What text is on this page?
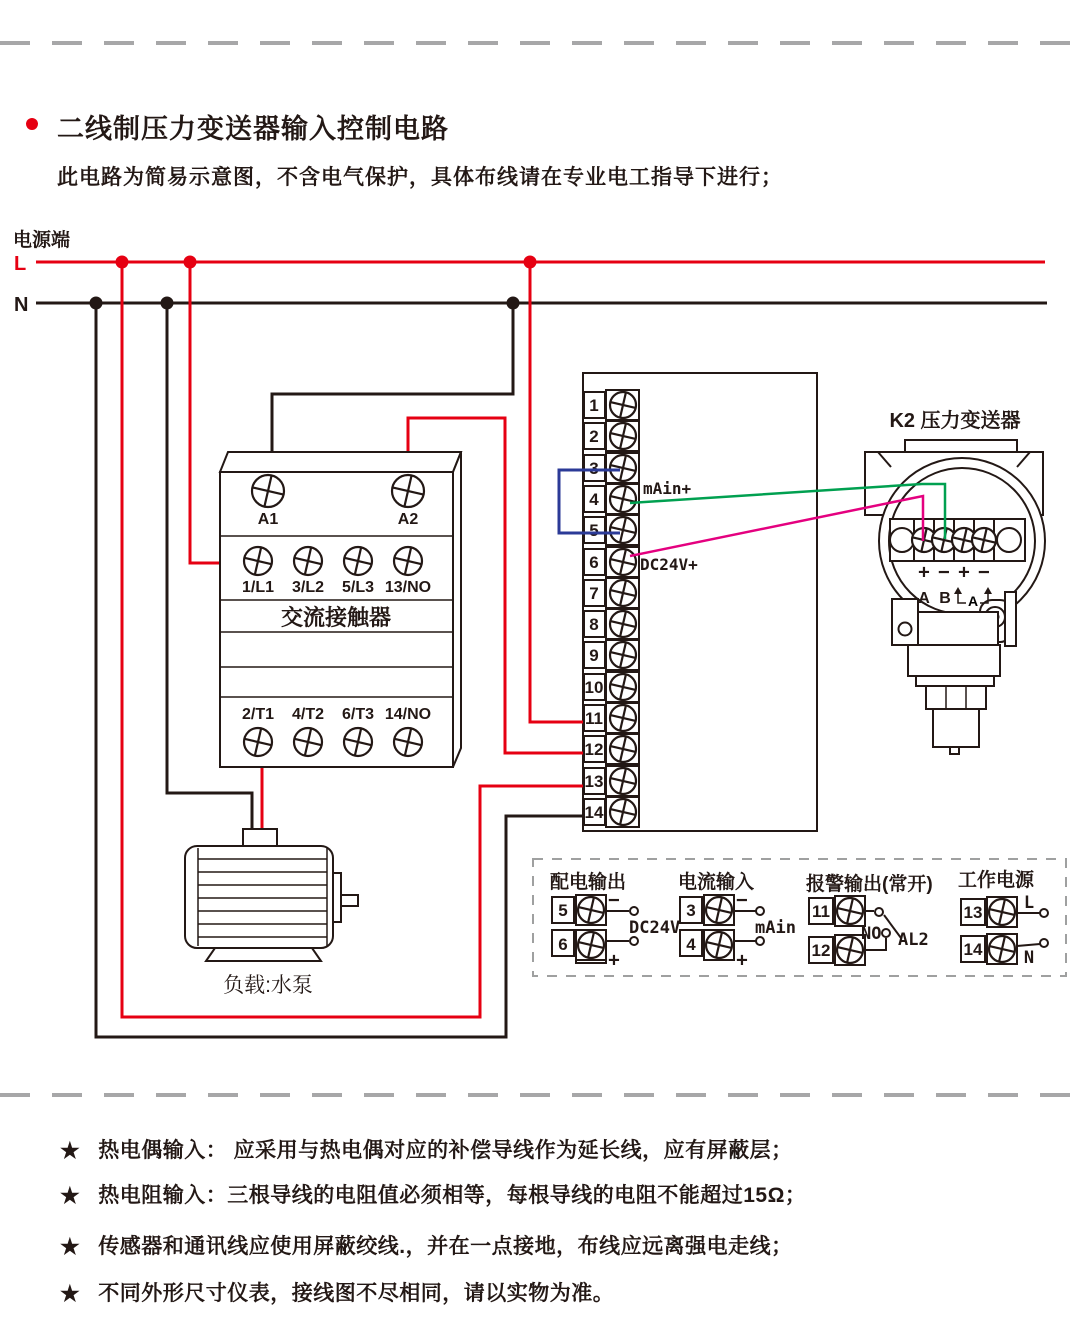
L
N
A1	A2
1/L1 3/L2 5/L3 13/NO
交流接触器
2/T1 4/T2 6/T3 14/NO
1
2
3
4
5
6
7
8
9
10
11
12
13
14
mAin+
DC24V+
K2 压力变送器
+ − + −
A B A
负载:水泵
配电输出
5
6
−
+
DC24V
电流输入
3
4
−
+
mAin
报警输出(常开)
11
12
NO AL2
工作电源
13
14
L
N
二线制压力变送器输入控制电路
此电路为简易示意图，不含电气保护，具体布线请在专业电工指导下进行；
电源端
★ 热电偶输入： 应采用与热电偶对应的补偿导线作为延长线，应有屏蔽层；
★ 热电阻输入：三根导线的电阻值必须相等，每根导线的电阻不能超过15Ω；
★ 传感器和通讯线应使用屏蔽绞线.，并在一点接地，布线应远离强电走线；
★ 不同外形尺寸仪表，接线图不尽相同，请以实物为准。
